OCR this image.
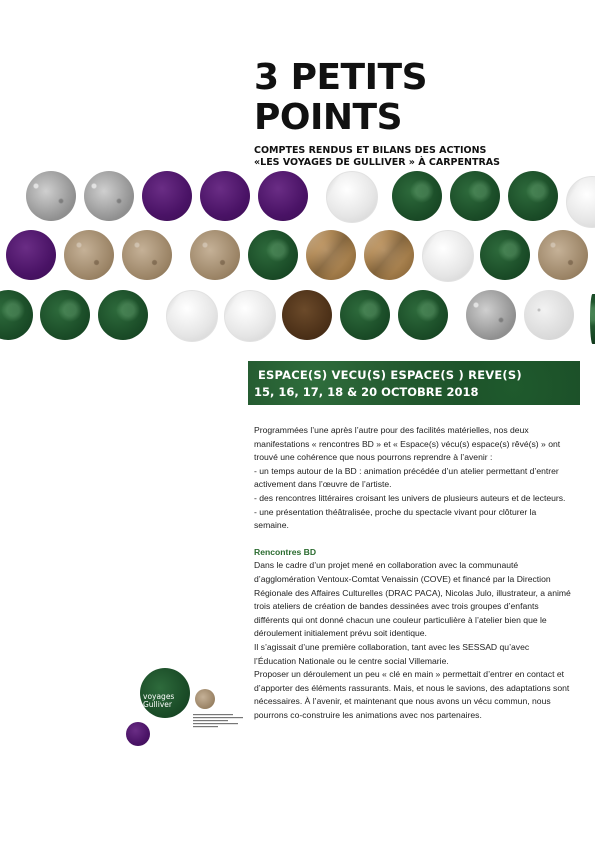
3 PETITS POINTS
COMPTES RENDUS ET BILANS DES ACTIONS
«LES VOYAGES DE GULLIVER » À CARPENTRAS
ESPACE(S) VECU(S) ESPACE(S ) REVE(S)
15, 16, 17, 18 & 20 OCTOBRE 2018

Programmées l’une après l’autre pour des facilités matérielles, nos deux manifestations « rencontres BD » et « Espace(s) vécu(s) espace(s) rêvé(s) » ont trouvé une cohérence que nous pourrons reprendre à l’avenir :

- un temps autour de la BD : animation précédée d’un atelier permettant d’entrer activement dans l’œuvre de l’artiste.

- des rencontres littéraires croisant les univers de plusieurs auteurs et de lecteurs.

- une présentation théâtralisée, proche du spectacle vivant pour clôturer la semaine.

Rencontres BD

Dans le cadre d’un projet mené en collaboration avec la communauté d’agglomération Ventoux-Comtat Venaissin (COVE) et financé par la Direction Régionale des Affaires Culturelles (DRAC PACA), Nicolas Julo, illustrateur, a animé trois ateliers de création de bandes dessinées avec trois groupes d’enfants différents qui ont donné chacun une couleur particulière à l’atelier bien que le déroulement initialement prévu soit identique.

Il s’agissait d’une première collaboration, tant avec les SESSAD qu’avec l’Éducation Nationale ou le centre social Villemarie.

Proposer un déroulement un peu « clé en main » permettait d’entrer en contact et d’apporter des éléments rassurants. Mais, et nous le savions, des adaptations sont nécessaires. À l’avenir, et maintenant que nous avons un vécu commun, nous pourrons co-construire les animations avec nos partenaires.

voyages
Gulliver
